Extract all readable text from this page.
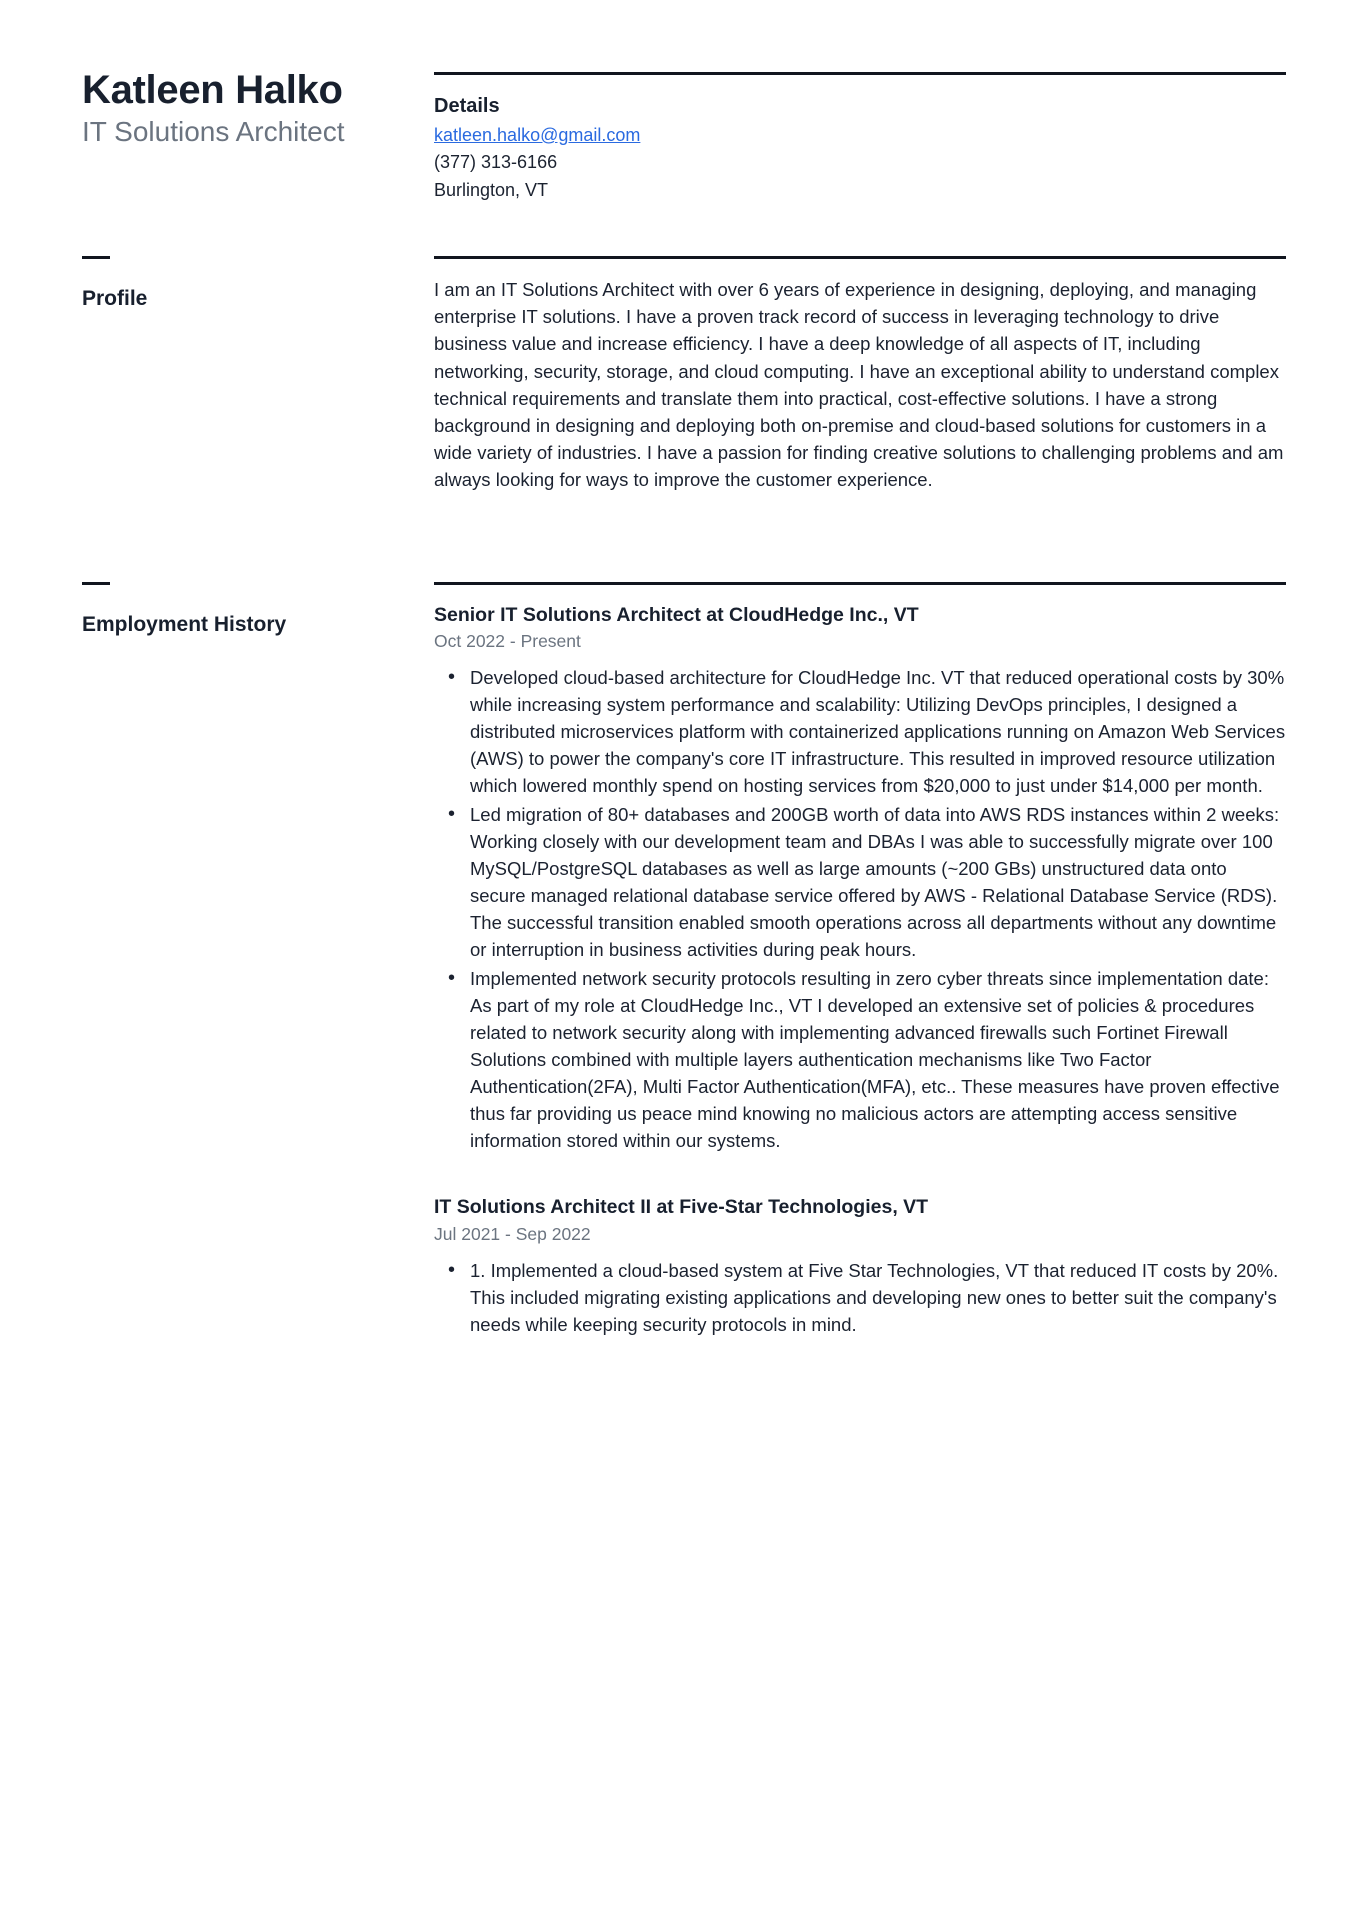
Katleen Halko
IT Solutions Architect
Details
katleen.halko@gmail.com
(377) 313-6166
Burlington, VT
Profile	I am an IT Solutions Architect with over 6 years of experience in designing, deploying, and managing enterprise IT solutions. I have a proven track record of success in leveraging technology to drive business value and increase efficiency. I have a deep knowledge of all aspects of IT, including networking, security, storage, and cloud computing. I have an exceptional ability to understand complex technical requirements and translate them into practical, cost-effective solutions. I have a strong background in designing and deploying both on-premise and cloud-based solutions for customers in a wide variety of industries. I have a passion for finding creative solutions to challenging problems and am always looking for ways to improve the customer experience.

Employment History	Senior IT Solutions Architect at CloudHedge Inc., VT
Oct 2022 - Present
• Developed cloud-based architecture for CloudHedge Inc. VT that reduced operational costs by 30% while increasing system performance and scalability: Utilizing DevOps principles, I designed a distributed microservices platform with containerized applications running on Amazon Web Services (AWS) to power the company's core IT infrastructure. This resulted in improved resource utilization which lowered monthly spend on hosting services from $20,000 to just under $14,000 per month.
• Led migration of 80+ databases and 200GB worth of data into AWS RDS instances within 2 weeks: Working closely with our development team and DBAs I was able to successfully migrate over 100 MySQL/PostgreSQL databases as well as large amounts (~200 GBs) unstructured data onto secure managed relational database service offered by AWS - Relational Database Service (RDS). The successful transition enabled smooth operations across all departments without any downtime or interruption in business activities during peak hours.
• Implemented network security protocols resulting in zero cyber threats since implementation date: As part of my role at CloudHedge Inc., VT I developed an extensive set of policies & procedures related to network security along with implementing advanced firewalls such Fortinet Firewall Solutions combined with multiple layers authentication mechanisms like Two Factor Authentication(2FA), Multi Factor Authentication(MFA), etc.. These measures have proven effective thus far providing us peace mind knowing no malicious actors are attempting access sensitive information stored within our systems.
IT Solutions Architect II at Five-Star Technologies, VT
Jul 2021 - Sep 2022
• 1. Implemented a cloud-based system at Five Star Technologies, VT that reduced IT costs by 20%. This included migrating existing applications and developing new ones to better suit the company's needs while keeping security protocols in mind.
